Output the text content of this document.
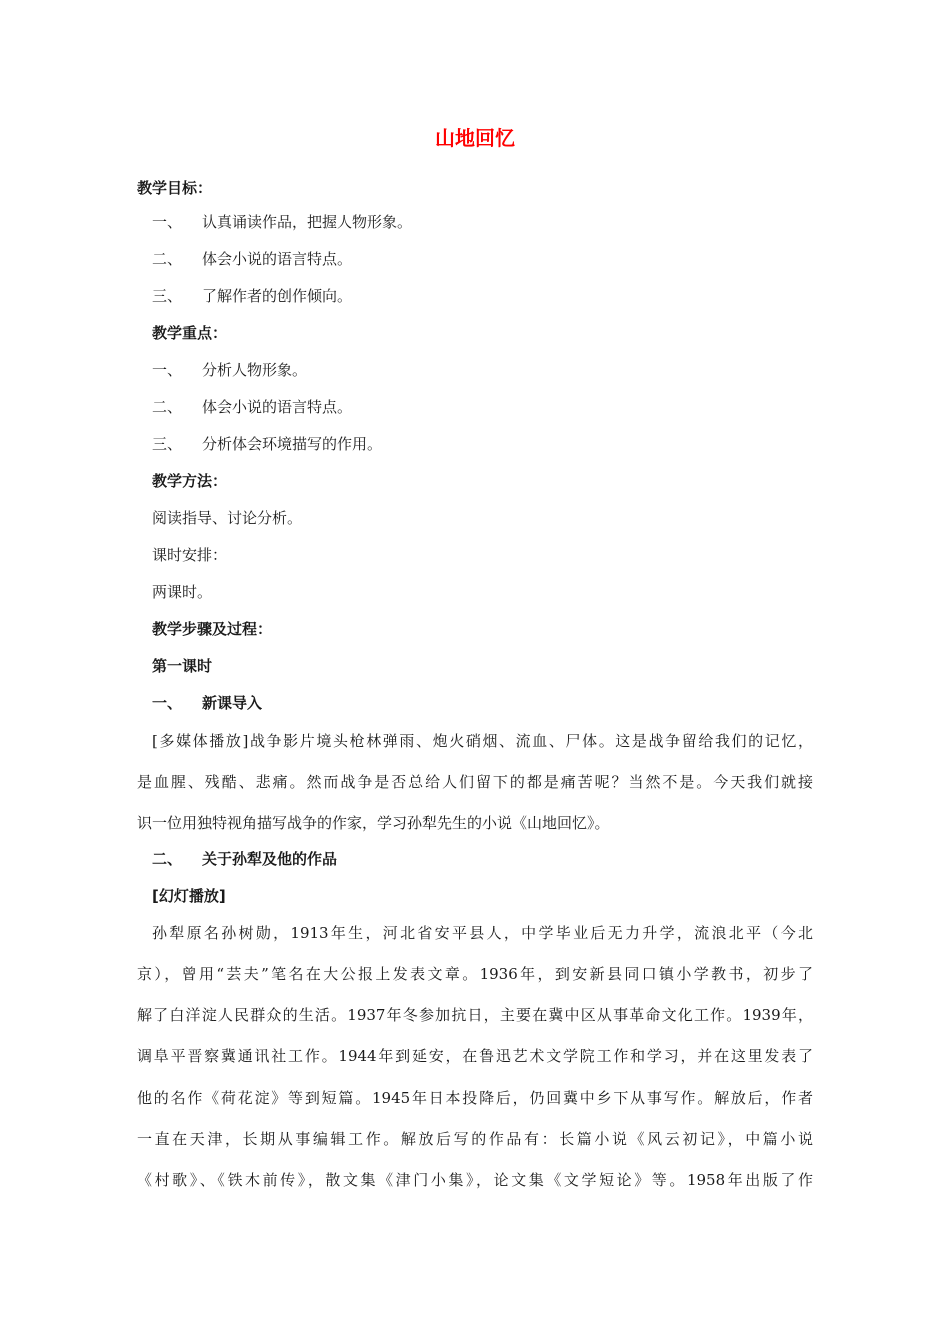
山地回忆
教学目标：
一、 认真诵读作品，把握人物形象。
二、 体会小说的语言特点。
三、 了解作者的创作倾向。
教学重点：
一、 分析人物形象。
二、 体会小说的语言特点。
三、 分析体会环境描写的作用。
教学方法：
阅读指导、讨论分析。
课时安排：
两课时。
教学步骤及过程：
第一课时
一、 新课导入
[多媒体播放]战争影片境头枪林弹雨、炮火硝烟、流血、尸体。这是战争留给我们的记忆，
是血腥、残酷、悲痛。然而战争是否总给人们留下的都是痛苦呢？当然不是。今天我们就接
识一位用独特视角描写战争的作家，学习孙犁先生的小说《山地回忆》。
二、 关于孙犁及他的作品
[幻灯播放]
孙犁原名孙树勋，1913年生，河北省安平县人，中学毕业后无力升学，流浪北平（今北
京），曾用“芸夫”笔名在大公报上发表文章。1936年，到安新县同口镇小学教书，初步了
解了白洋淀人民群众的生活。1937年冬参加抗日，主要在冀中区从事革命文化工作。1939年，
调阜平晋察冀通讯社工作。1944年到延安，在鲁迅艺术文学院工作和学习，并在这里发表了
他的名作《荷花淀》等到短篇。1945年日本投降后，仍回冀中乡下从事写作。解放后，作者
一直在天津，长期从事编辑工作。解放后写的作品有：长篇小说《风云初记》，中篇小说
《村歌》、《铁木前传》，散文集《津门小集》，论文集《文学短论》等。1958年出版了作
